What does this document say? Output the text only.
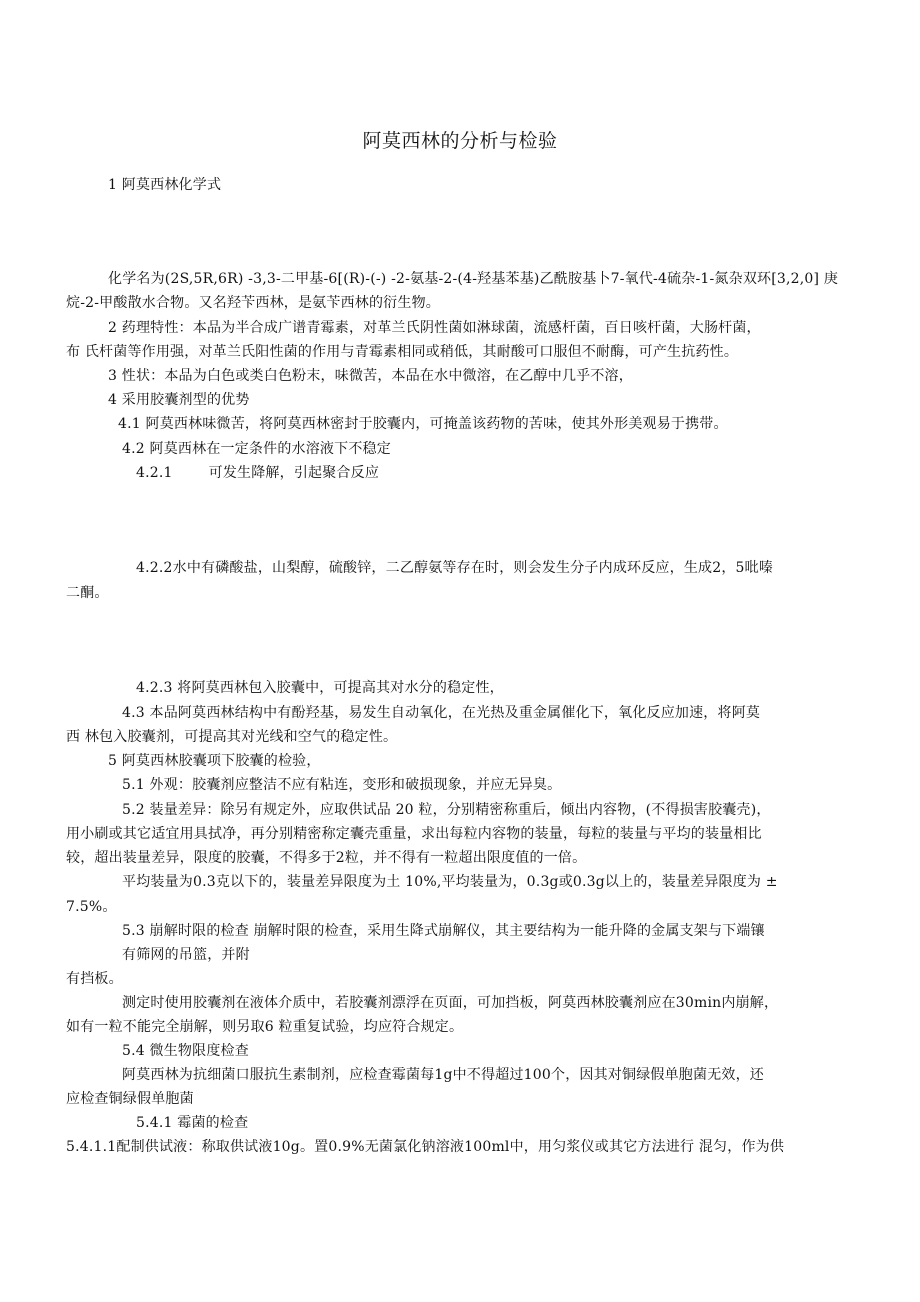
阿莫西林的分析与检验
1 阿莫西林化学式
化学名为(2S,5R,6R) -3,3-二甲基-6[(R)-(-) -2-氨基-2-(4-羟基苯基)乙酰胺基卜7-氧代-4硫杂-1-氮杂双环[3,2,0] 庚
烷-2-甲酸散水合物。又名羟苄西林，是氨苄西林的衍生物。
2 药理特性：本品为半合成广谱青霉素，对革兰氏阴性菌如淋球菌，流感杆菌，百日咳杆菌，大肠杆菌，
布 氏杆菌等作用强，对革兰氏阳性菌的作用与青霉素相同或稍低，其耐酸可口服但不耐酶，可产生抗药性。
3 性状：本品为白色或类白色粉末，味微苦，本品在水中微溶，在乙醇中几乎不溶，
4 采用胶囊剂型的优势
4.1 阿莫西林味微苦，将阿莫西林密封于胶囊内，可掩盖该药物的苦味，使其外形美观易于携带。
4.2 阿莫西林在一定条件的水溶液下不稳定
4.2.1	可发生降解，引起聚合反应
4.2.2水中有磷酸盐，山梨醇，硫酸锌，二乙醇氨等存在时，则会发生分子内成环反应，生成2，5吡嗪
二酮。
4.2.3 将阿莫西林包入胶囊中，可提高其对水分的稳定性，
4.3 本品阿莫西林结构中有酚羟基，易发生自动氧化，在光热及重金属催化下，氧化反应加速，将阿莫
西 林包入胶囊剂，可提高其对光线和空气的稳定性。
5 阿莫西林胶囊项下胶囊的检验，
5.1 外观：胶囊剂应整洁不应有粘连，变形和破损现象，并应无异臭。
5.2 装量差异：除另有规定外，应取供试品 20 粒，分别精密称重后，倾出内容物，(不得损害胶囊壳)，
用小刷或其它适宜用具拭净，再分别精密称定囊壳重量，求出每粒内容物的装量，每粒的装量与平均的装量相比
较，超出装量差异，限度的胶囊，不得多于2粒，并不得有一粒超出限度值的一倍。
平均装量为0.3克以下的，装量差异限度为土 10%,平均装量为，0.3g或0.3g以上的，装量差异限度为 ±
7.5%。
5.3 崩解时限的检查 崩解时限的检查，采用生降式崩解仪，其主要结构为一能升降的金属支架与下端镶
有筛网的吊篮，并附
有挡板。
测定时使用胶囊剂在液体介质中，若胶囊剂漂浮在页面，可加挡板，阿莫西林胶囊剂应在30min内崩解，
如有一粒不能完全崩解，则另取6 粒重复试验，均应符合规定。
5.4 微生物限度检查
阿莫西林为抗细菌口服抗生素制剂，应检查霉菌每1g中不得超过100个，因其对铜绿假单胞菌无效，还
应检查铜绿假单胞菌
5.4.1 霉菌的检查
5.4.1.1配制供试液：称取供试液10g。置0.9%无菌氯化钠溶液100ml中，用匀浆仪或其它方法进行 混匀，作为供
